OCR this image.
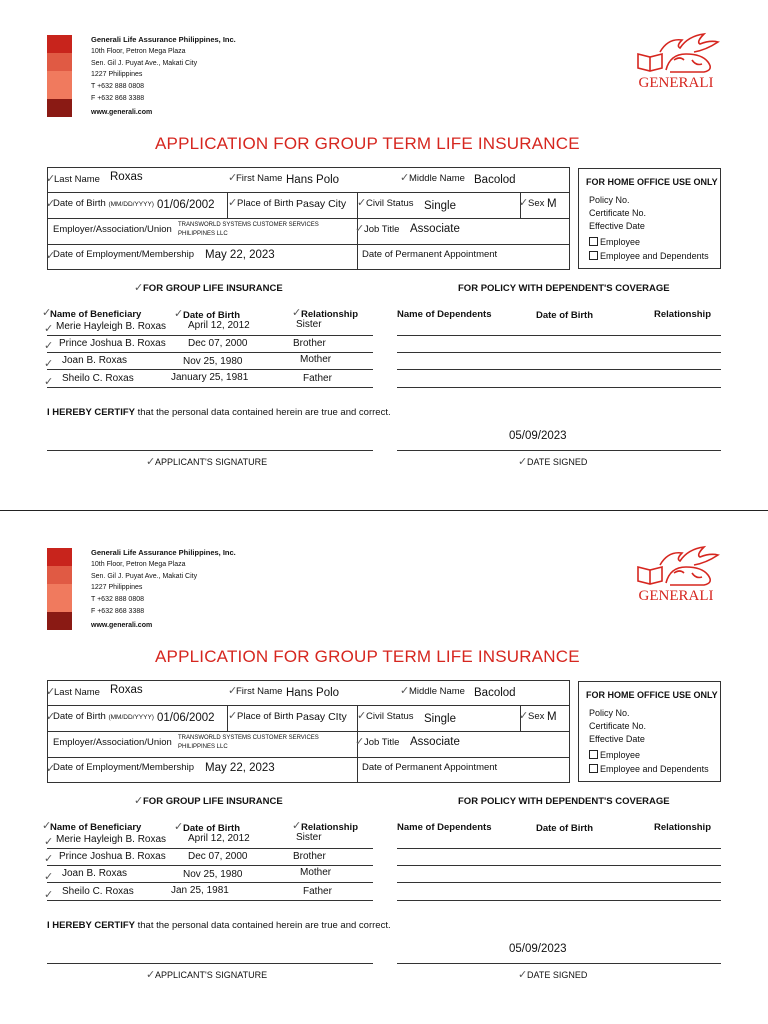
Generali Life Assurance Philippines, Inc.
10th Floor, Petron Mega Plaza
Sen. Gil J. Puyat Ave., Makati City
1227 Philippines
T +632 888 0808
F +632 868 3388
www.generali.com
GENERALI
APPLICATION FOR GROUP TERM LIFE INSURANCE
✓
Last Name Roxas	✓
First Name Hans Polo	✓ Middle Name Bacolod
✓
Date of Birth (MM/DD/YYYY) 01/06/2002 ✓ Place of Birth Pasay City ✓ Civil Status Single	✓ Sex M
Employer/Association/Union TRANSWORLD SYSTEMS CUSTOMER SERVICES PHILIPPINES LLC	✓ Job Title Associate
✓
Date of Employment/Membership May 22, 2023	Date of Permanent Appointment
FOR HOME OFFICE USE ONLY
Policy No.
Certificate No.
Effective Date
Employee
Employee and Dependents
✓ FOR GROUP LIFE INSURANCE	FOR POLICY WITH DEPENDENT'S COVERAGE
✓
Name of Beneficiary	✓ Date of Birth	✓ Relationship	Name of Dependents	Date of Birth	Relationship
✓ Merie Hayleigh B. Roxas April 12, 2012	Sister
✓ Prince Joshua B. Roxas Dec 07, 2000	Brother
✓ Joan B. Roxas	Nov 25, 1980	Mother
✓ Sheilo C. Roxas	January 25, 1981	Father
I HEREBY CERTIFY that the personal data contained herein are true and correct.
05/09/2023
✓ APPLICANT'S SIGNATURE	✓ DATE SIGNED
Generali Life Assurance Philippines, Inc.
10th Floor, Petron Mega Plaza
Sen. Gil J. Puyat Ave., Makati City
1227 Philippines
T +632 888 0808
F +632 868 3388
www.generali.com
GENERALI
APPLICATION FOR GROUP TERM LIFE INSURANCE
✓
Last Name Roxas	✓
First Name Hans Polo	✓ Middle Name Bacolod
✓
Date of Birth (MM/DD/YYYY) 01/06/2002 ✓ Place of Birth Pasay CIty ✓ Civil Status Single	✓ Sex M
Employer/Association/Union TRANSWORLD SYSTEMS CUSTOMER SERVICES PHILIPPINES LLC	✓ Job Title Associate
✓
Date of Employment/Membership May 22, 2023	Date of Permanent Appointment
FOR HOME OFFICE USE ONLY
Policy No.
Certificate No.
Effective Date
Employee
Employee and Dependents
✓ FOR GROUP LIFE INSURANCE	FOR POLICY WITH DEPENDENT'S COVERAGE
✓
Name of Beneficiary	✓ Date of Birth	✓ Relationship	Name of Dependents	Date of Birth	Relationship
✓ Merie Hayleigh B. Roxas April 12, 2012	Sister
✓ Prince Joshua B. Roxas Dec 07, 2000	Brother
✓ Joan B. Roxas	Nov 25, 1980	Mother
✓ Sheilo C. Roxas	Jan 25, 1981	Father
I HEREBY CERTIFY that the personal data contained herein are true and correct.
05/09/2023
✓ APPLICANT'S SIGNATURE	✓ DATE SIGNED
